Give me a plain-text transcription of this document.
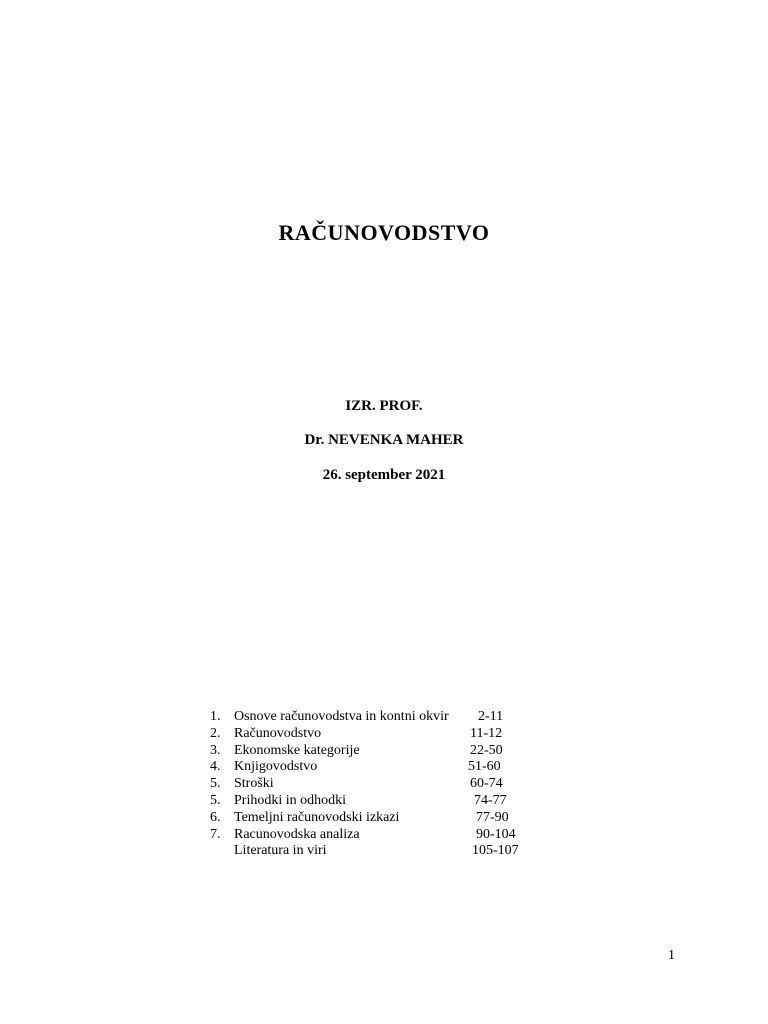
RAČUNOVODSTVO
IZR. PROF.
Dr. NEVENKA MAHER
26. september 2021
1. Osnove računovodstva in kontni okvir 2-11
2. Računovodstvo	11-12
3. Ekonomske kategorije	22-50
4. Knjigovodstvo	51-60
5. Stroški	60-74
5. Prihodki in odhodki	74-77
6. Temeljni računovodski izkazi	77-90
7. Racunovodska analiza	90-104
Literatura in viri	105-107
1
